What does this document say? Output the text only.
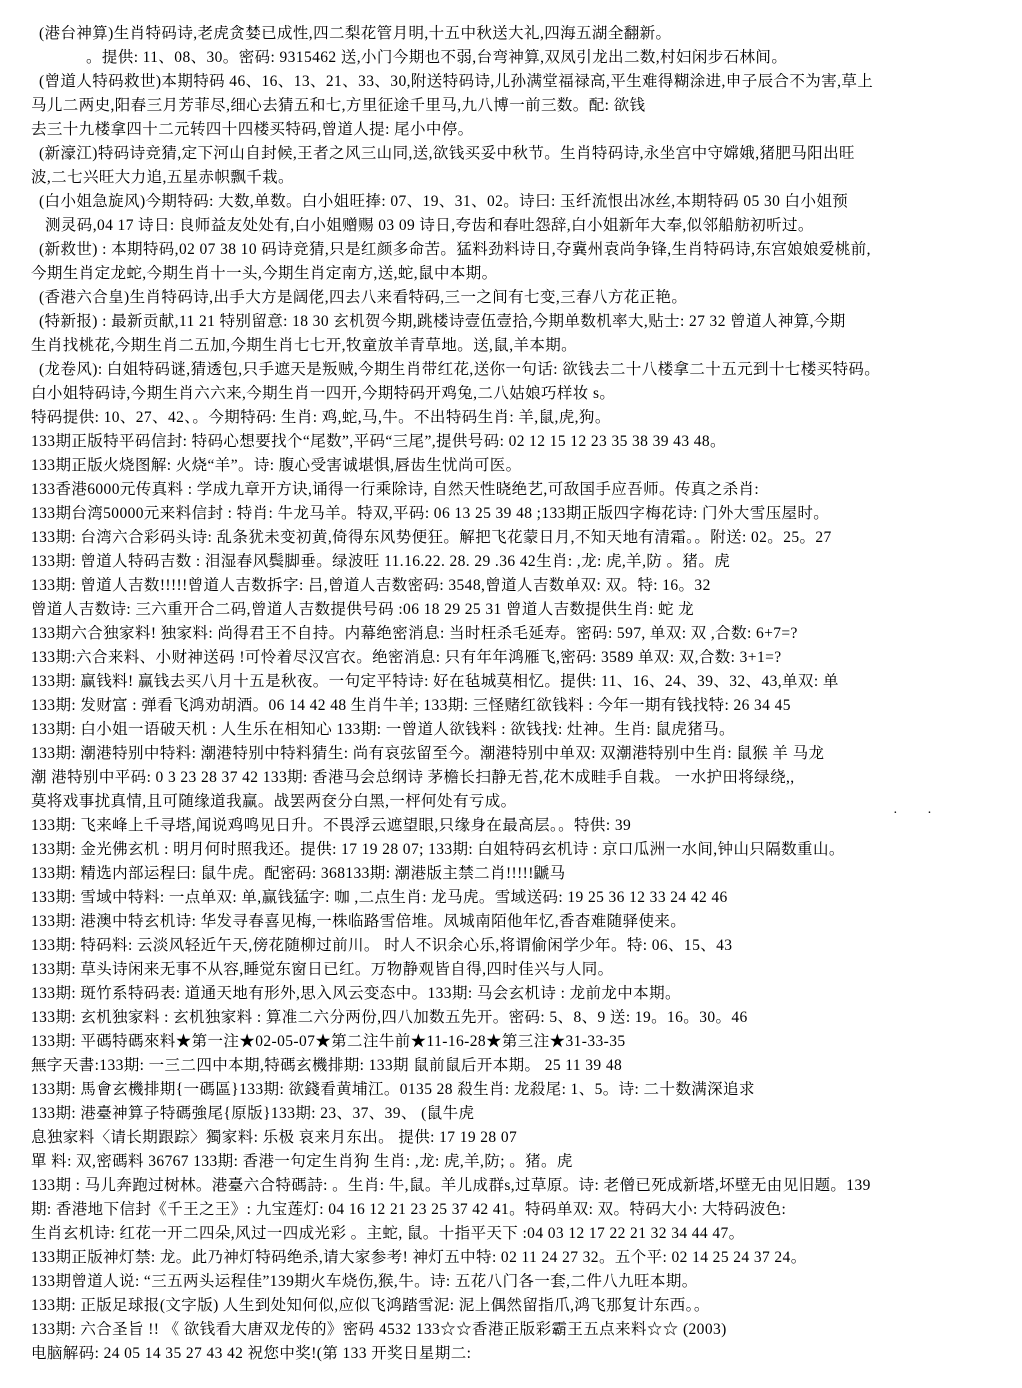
(港台神算)生肖特码诗,老虎贪婪已成性,四二梨花管月明,十五中秋送大礼,四海五湖全翻新。
。提供: 11、08、30。密码: 9315462 送,小门今期也不弱,台弯神算,双凤引龙出二数,村妇闲步石林间。
(曾道人特码救世)本期特码 46、16、13、21、33、30,附送特码诗,儿孙满堂福禄高,平生难得糊涂进,申子辰合不为害,草上
马儿二两史,阳春三月芳菲尽,细心去猜五和七,方里征途千里马,九八博一前三数。配: 欲钱
去三十九楼拿四十二元转四十四楼买特码,曾道人提: 尾小中停。
(新濠江)特码诗竞猜,定下河山自封候,王者之风三山同,送,欲钱买妥中秋节。生肖特码诗,永坐宫中守嫦娥,猪肥马阳出旺
波,二七兴旺大力追,五星赤帜飘千栽。
(白小姐急旋风)今期特码: 大数,单数。白小姐旺捧: 07、19、31、02。诗曰: 玉纤流恨出冰丝,本期特码 05 30 白小姐预
测灵码,04 17 诗日: 良师益友处处有,白小姐赠赐 03 09 诗日,夸齿和春吐怨辞,白小姐新年大奉,似邻船舫初听过。
(新救世) : 本期特码,02 07 38 10 码诗竞猜,只是红颜多命苦。猛料劲料诗日,夺冀州袁尚争锋,生肖特码诗,东宫娘娘爱桃前,
今期生肖定龙蛇,今期生肖十一头,今期生肖定南方,送,蛇,鼠中本期。
(香港六合皇)生肖特码诗,出手大方是阔佬,四去八来看特码,三一之间有七变,三春八方花正艳。
(特新报) : 最新贡献,11 21 特别留意: 18 30 玄机贺今期,跳楼诗壹伍壹拾,今期单数机率大,贴士: 27 32 曾道人神算,今期
生肖找桃花,今期生肖二五加,今期生肖七七开,牧童放羊青草地。送,鼠,羊本期。
(龙卷风): 白姐特码谜,猜透包,只手遮天是叛贼,今期生肖带红花,送你一句话: 欲钱去二十八楼拿二十五元到十七楼买特码。
白小姐特码诗,今期生肖六六来,今期生肖一四开,今期特码开鸡兔,二八姑娘巧样妆 s。
特码提供: 10、27、42、。今期特码: 生肖: 鸡,蛇,马,牛。不出特码生肖: 羊,鼠,虎,狗。
133期正版特平码信封: 特码心想要找个“尾数”,平码“三尾”,提供号码: 02 12 15 12 23 35 38 39 43 48。
133期正版火烧图解: 火烧“羊”。诗: 腹心受害诚堪惧,唇齿生忧尚可医。
133香港6000元传真料 : 学成九章开方诀,诵得一行乘除诗, 自然天性晓绝艺,可敌国手应吾师。传真之杀肖:
133期台湾50000元来料信封 : 特肖: 牛龙马羊。特双,平码: 06 13 25 39 48 ;133期正版四字梅花诗: 门外大雪压屋时。
133期: 台湾六合彩码头诗: 乱条犹未变初黄,倚得东风势便狂。解把飞花蒙日月,不知天地有清霜。。附送: 02。25。27
133期: 曾道人特码吉数 : 泪湿春风鬓脚垂。绿波旺 11.16.22. 28. 29 .36 42生肖: ,龙: 虎,羊,防 。猪。虎
133期: 曾道人吉数!!!!!曾道人吉数拆字: 吕,曾道人吉数密码: 3548,曾道人吉数单双: 双。特: 16。32
曾道人吉数诗: 三六重开合二码,曾道人吉数提供号码 :06 18 29 25 31 曾道人吉数提供生肖: 蛇 龙
133期六合独家料! 独家料: 尚得君王不自持。内幕绝密消息: 当时枉杀毛延寿。密码: 597, 单双: 双 ,合数: 6+7=?
133期:六合来料、小财神送码 !可怜着尽汉宫衣。绝密消息: 只有年年鸿雁飞,密码: 3589 单双: 双,合数: 3+1=?
133期: 赢钱料! 赢钱去买八月十五是秋夜。一句定平特诗: 好在毡城莫相忆。提供: 11、16、24、39、32、43,单双: 单
133期: 发财富 : 弹看飞鸿劝胡酒。06 14 42 48 生肖牛羊; 133期: 三怪赌红欲钱料 : 今年一期有钱找特: 26 34 45
133期: 白小姐一语破天机 : 人生乐在相知心 133期: 一曾道人欲钱料 : 欲钱找: 灶神。生肖: 鼠虎猪马。
133期: 潮港特别中特料: 潮港特别中特料猜生: 尚有哀弦留至今。潮港特别中单双: 双潮港特别中生肖: 鼠猴 羊 马龙
潮 港特别中平码: 0 3 23 28 37 42 133期: 香港马会总纲诗 茅檐长扫静无苔,花木成畦手自栽。 一水护田将绿绕,,
莫将戏事扰真情,且可随缘道我赢。战罢两奁分白黑,一枰何处有亏成。
133期: 飞来峰上千寻塔,闻说鸡鸣见日升。不畏浮云遮望眼,只缘身在最高层。。特供: 39
133期: 金光佛玄机 : 明月何时照我还。提供: 17 19 28 07; 133期: 白姐特码玄机诗 : 京口瓜洲一水间,钟山只隔数重山。
133期: 精选内部运程曰: 鼠牛虎。配密码: 368133期: 潮港版主禁二肖!!!!!鼶马
133期: 雪域中特料: 一点单双: 单,赢钱猛字: 咖 ,二点生肖: 龙马虎。雪域送码: 19 25 36 12 33 24 42 46
133期: 港澳中特玄机诗: 华发寻春喜见梅,一株临路雪倍堆。凤城南陌他年忆,香杳难随驿使来。
133期: 特码料: 云淡风轻近午天,傍花随柳过前川。 时人不识余心乐,将谓偷闲学少年。特: 06、15、43
133期: 草头诗闲来无事不从容,睡觉东窗日已红。万物静观皆自得,四时佳兴与人同。
133期: 斑竹系特码表: 道通天地有形外,思入风云变态中。133期: 马会玄机诗 : 龙前龙中本期。
133期: 玄机独家料 : 玄机独家料 : 算准二六分两份,四八加数五先开。密码: 5、8、9 送: 19。16。30。46
133期: 平碼特碼來料★第一注★02-05-07★第二注牛前★11-16-28★第三注★31-33-35
無字天書:133期: 一三二四中本期,特碼玄機排期: 133期 鼠前鼠后开本期。 25 11 39 48
133期: 馬會玄機排期{一碼區}133期: 欲錢看黄埔江。0135 28 殺生肖: 龙殺尾: 1、5。诗: 二十数满深追求
133期: 港臺神算子特碼強尾{原版}133期: 23、37、39、 (鼠牛虎
息独家料〈请长期跟踪〉獨家料: 乐极 哀来月东出。 提供: 17 19 28 07
單 料: 双,密碼料 36767 133期: 香港一句定生肖狗 生肖: ,龙: 虎,羊,防; 。猪。虎
133期 : 马儿奔跑过树林。港臺六合特碼詩: 。生肖: 牛,鼠。羊儿成群s,过草原。诗: 老僧已死成新塔,坏壁无由见旧题。139
期: 香港地下信封《千王之王》: 九宝莲灯: 04 16 12 21 23 25 37 42 41。特码单双: 双。特码大小: 大特码波色:
生肖玄机诗: 红花一开二四朵,风过一四成光彩 。主蛇, 鼠。十指平天下 :04 03 12 17 22 21 32 34 44 47。
133期正版神灯禁: 龙。此乃神灯特码绝杀,请大家参考! 神灯五中特: 02 11 24 27 32。五个平: 02 14 25 24 37 24。
133期曾道人说: “三五两头运程佳”139期火车烧伤,猴,牛。诗: 五花八门各一套,二件八九旺本期。
133期: 正版足球报(文字版) 人生到处知何似,应似飞鸿踏雪泥: 泥上偶然留指爪,鸿飞那复计东西。。
133期: 六合圣旨 !! 《 欲钱看大唐双龙传的》密码 4532 133☆☆香港正版彩霸王五点来料☆☆ (2003)
电脑解码: 24 05 14 35 27 43 42 祝您中奖!(第 133 开奖日星期二:
· ·
